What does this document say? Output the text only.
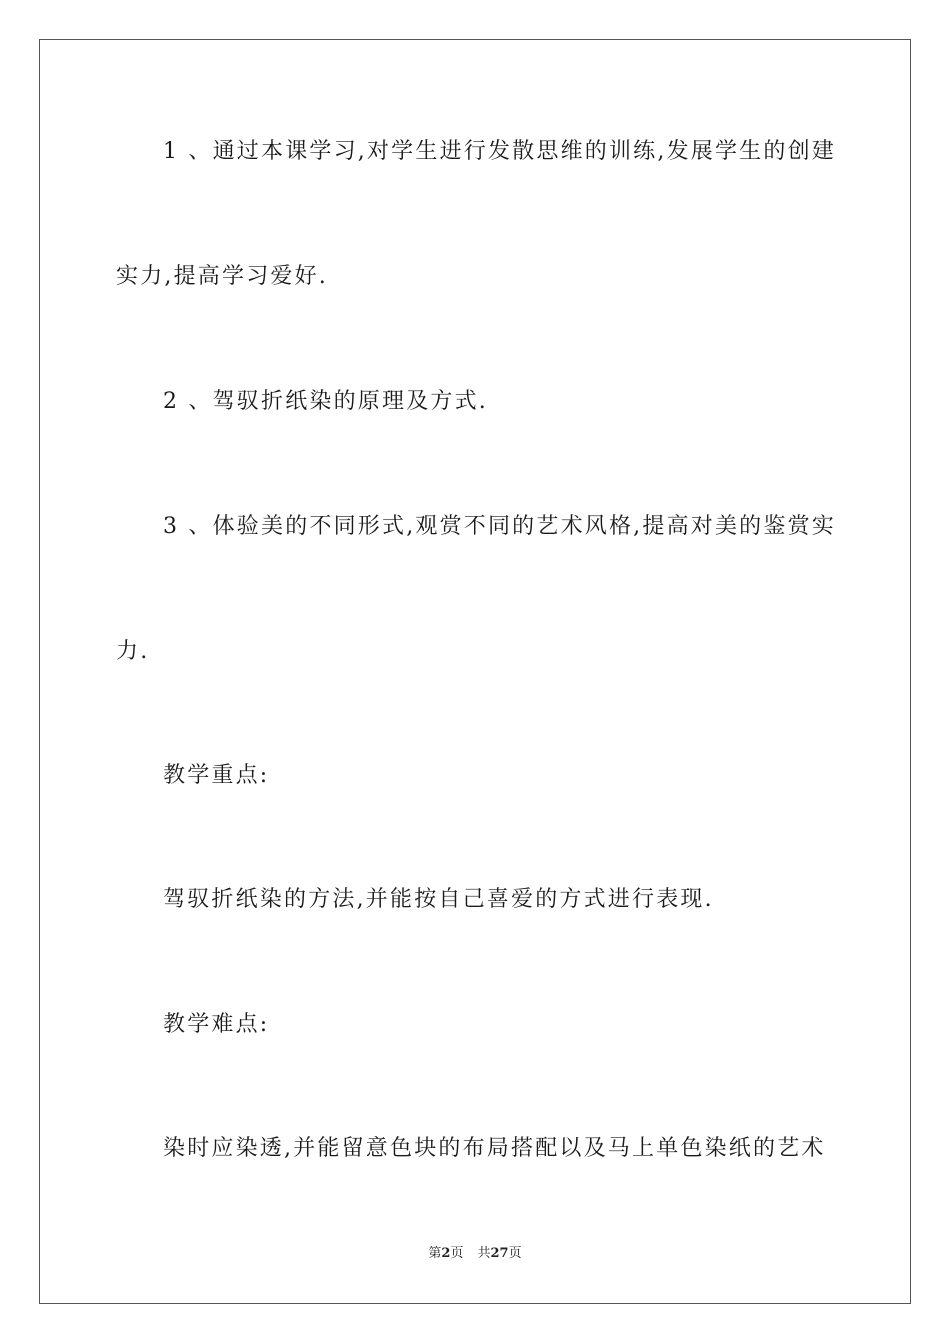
1 、通过本课学习,对学生进行发散思维的训练,发展学生的创建
实力,提高学习爱好.
2 、驾驭折纸染的原理及方式.
3 、体验美的不同形式,观赏不同的艺术风格,提高对美的鉴赏实
力.
教学重点:
驾驭折纸染的方法,并能按自己喜爱的方式进行表现.
教学难点:
染时应染透,并能留意色块的布局搭配以及马上单色染纸的艺术
第2页 共27页
